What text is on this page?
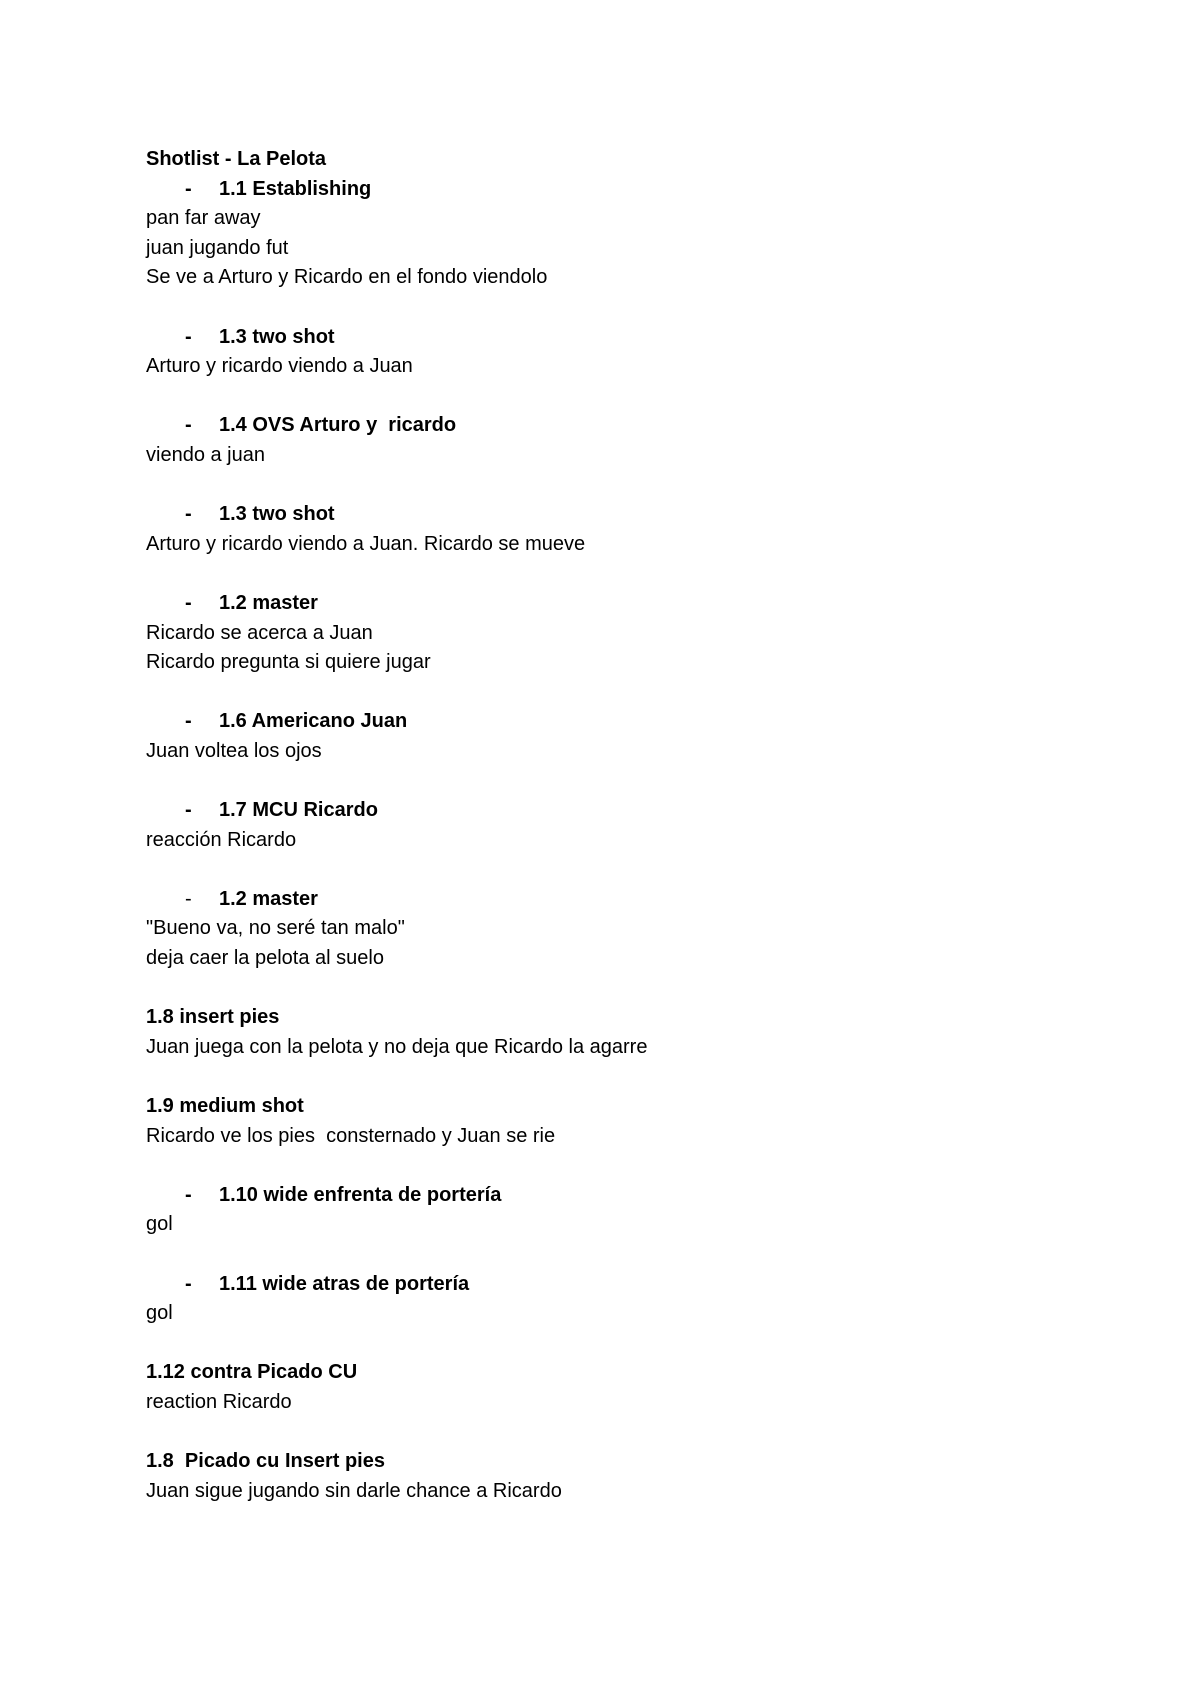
Shotlist - La Pelota
- 1.1 Establishing
pan far away
juan jugando fut
Se ve a Arturo y Ricardo en el fondo viendolo
- 1.3 two shot
Arturo y ricardo viendo a Juan
- 1.4 OVS Arturo y  ricardo
viendo a juan
- 1.3 two shot
Arturo y ricardo viendo a Juan. Ricardo se mueve
- 1.2 master
Ricardo se acerca a Juan
Ricardo pregunta si quiere jugar
- 1.6 Americano Juan
Juan voltea los ojos
- 1.7 MCU Ricardo
reacción Ricardo
- 1.2 master
"Bueno va, no seré tan malo"
deja caer la pelota al suelo
1.8 insert pies
Juan juega con la pelota y no deja que Ricardo la agarre
1.9 medium shot
Ricardo ve los pies  consternado y Juan se rie
- 1.10 wide enfrenta de portería
gol
- 1.11 wide atras de portería
gol
1.12 contra Picado CU
reaction Ricardo
1.8  Picado cu Insert pies
Juan sigue jugando sin darle chance a Ricardo
